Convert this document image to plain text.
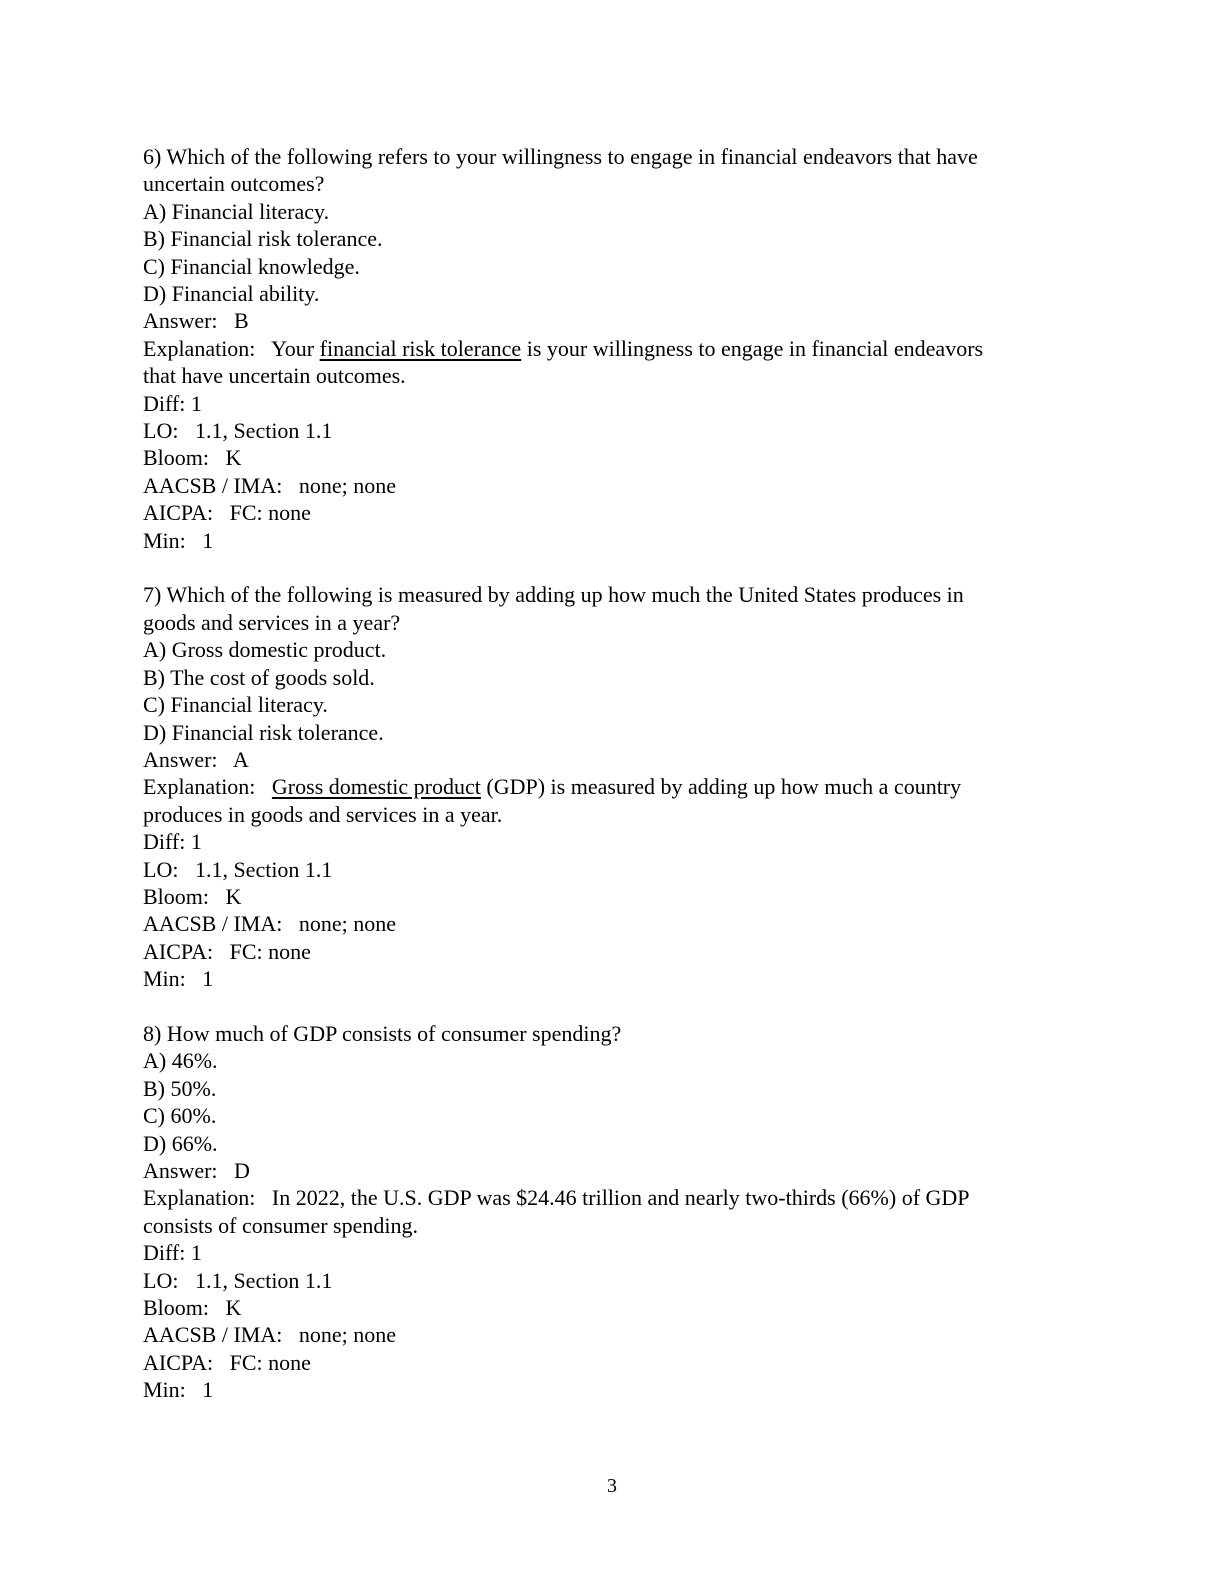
6) Which of the following refers to your willingness to engage in financial endeavors that have
uncertain outcomes?
A) Financial literacy.
B) Financial risk tolerance.
C) Financial knowledge.
D) Financial ability.
Answer:   B
Explanation:   Your financial risk tolerance is your willingness to engage in financial endeavors
that have uncertain outcomes.
Diff: 1
LO:   1.1, Section 1.1
Bloom:   K
AACSB / IMA:   none; none
AICPA:   FC: none
Min:   1
7) Which of the following is measured by adding up how much the United States produces in
goods and services in a year?
A) Gross domestic product.
B) The cost of goods sold.
C) Financial literacy.
D) Financial risk tolerance.
Answer:   A
Explanation:   Gross domestic product (GDP) is measured by adding up how much a country
produces in goods and services in a year.
Diff: 1
LO:   1.1, Section 1.1
Bloom:   K
AACSB / IMA:   none; none
AICPA:   FC: none
Min:   1
8) How much of GDP consists of consumer spending?
A) 46%.
B) 50%.
C) 60%.
D) 66%.
Answer:   D
Explanation:   In 2022, the U.S. GDP was $24.46 trillion and nearly two-thirds (66%) of GDP
consists of consumer spending.
Diff: 1
LO:   1.1, Section 1.1
Bloom:   K
AACSB / IMA:   none; none
AICPA:   FC: none
Min:   1
3
